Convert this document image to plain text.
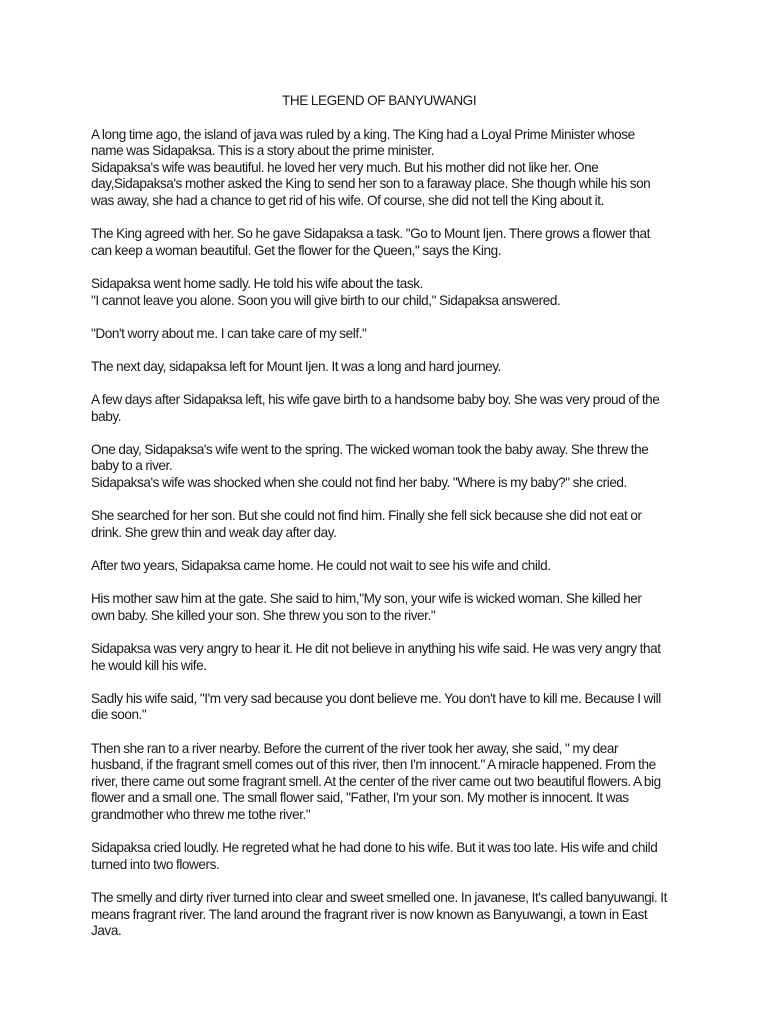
THE LEGEND OF BANYUWANGI
A long time ago, the island of java was ruled by a king. The King had a Loyal Prime Minister whose name was Sidapaksa. This is a story about the prime minister.
Sidapaksa's wife was beautiful. he loved her very much. But his mother did not like her. One day,Sidapaksa's mother asked the King to send her son to a faraway place. She though while his son was away, she had a chance to get rid of his wife. Of course, she did not tell the King about it.
The King agreed with her. So he gave Sidapaksa a task. "Go to Mount Ijen. There grows a flower that can keep a woman beautiful. Get the flower for the Queen," says the King.
Sidapaksa went home sadly. He told his wife about the task.
"I cannot leave you alone. Soon you will give birth to our child," Sidapaksa answered.
"Don't worry about me. I can take care of my self."
The next day, sidapaksa left for Mount Ijen. It was a long and hard journey.
A few days after Sidapaksa left, his wife gave birth to a handsome baby boy. She was very proud of the baby.
One day, Sidapaksa's wife went to the spring. The wicked woman took the baby away. She threw the baby to a river.
Sidapaksa's wife was shocked when she could not find her baby. "Where is my baby?" she cried.
She searched for her son. But she could not find him. Finally she fell sick because she did not eat or drink. She grew thin and weak day after day.
After two years, Sidapaksa came home. He could not wait to see his wife and child.
His mother saw him at the gate. She said to him,"My son, your wife is wicked woman. She killed her own baby. She killed your son. She threw you son to the river."
Sidapaksa was very angry to hear it. He dit not believe in anything his wife said. He was very angry that he would kill his wife.
Sadly his wife said, "I'm very sad because you dont believe me. You don't have to kill me. Because I will die soon."
Then she ran to a river nearby. Before the current of the river took her away, she said, " my dear husband, if the fragrant smell comes out of this river, then I'm innocent." A miracle happened. From the river, there came out some fragrant smell. At the center of the river came out two beautiful flowers. A big flower and a small one. The small flower said, "Father, I'm your son. My mother is innocent. It was grandmother who threw me tothe river."
Sidapaksa cried loudly. He regreted what he had done to his wife. But it was too late. His wife and child turned into two flowers.
The smelly and dirty river turned into clear and sweet smelled one. In javanese, It's called banyuwangi. It means fragrant river. The land around the fragrant river is now known as Banyuwangi, a town in East Java.
